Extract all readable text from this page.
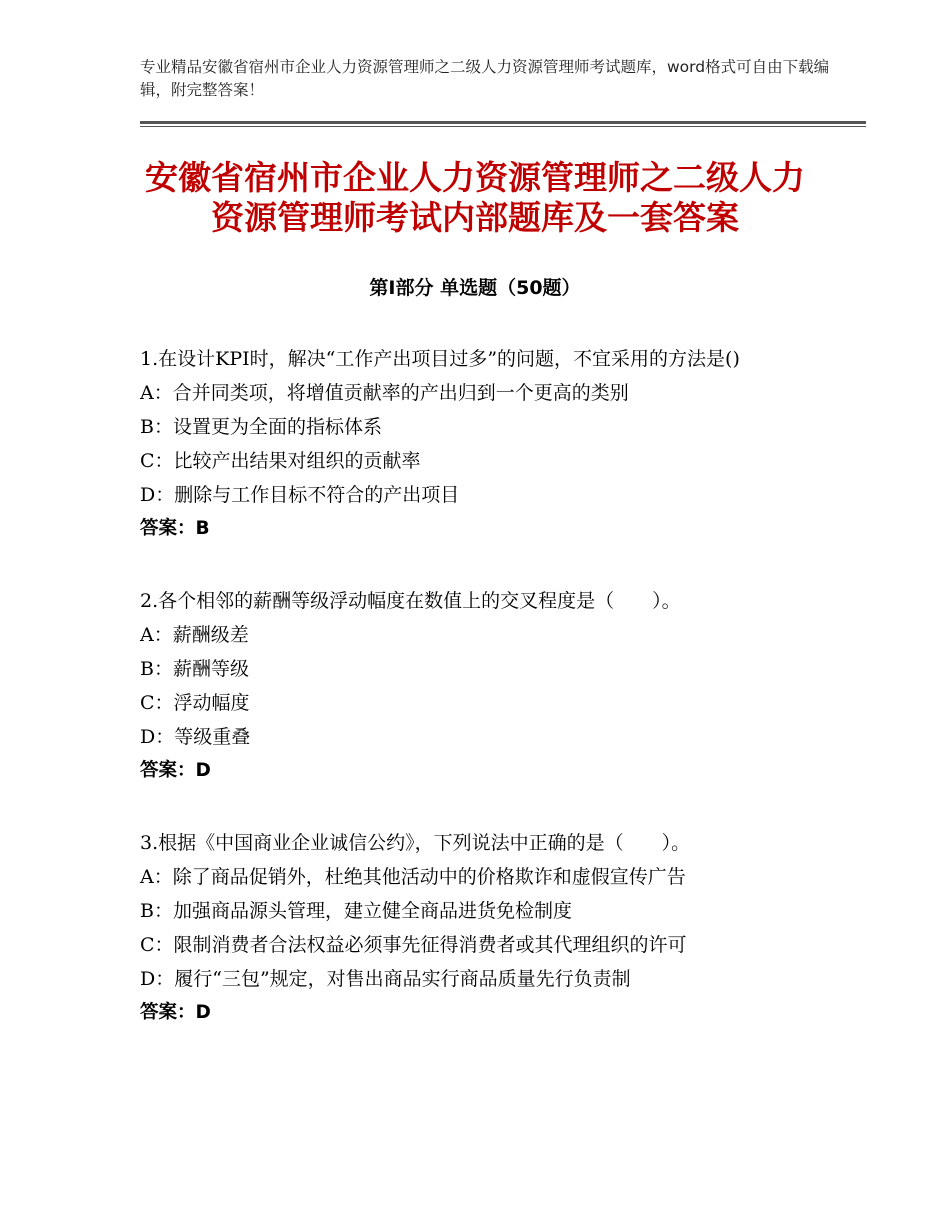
专业精品安徽省宿州市企业人力资源管理师之二级人力资源管理师考试题库，word格式可自由下载编辑，附完整答案！
安徽省宿州市企业人力资源管理师之二级人力资源管理师考试内部题库及一套答案
第Ⅰ部分 单选题（50题）
1.在设计KPI时，解决“工作产出项目过多”的问题，不宜采用的方法是()
A：合并同类项，将增值贡献率的产出归到一个更高的类别
B：设置更为全面的指标体系
C：比较产出结果对组织的贡献率
D：删除与工作目标不符合的产出项目
答案：B
2.各个相邻的薪酬等级浮动幅度在数值上的交叉程度是（　　）。
A：薪酬级差
B：薪酬等级
C：浮动幅度
D：等级重叠
答案：D
3.根据《中国商业企业诚信公约》，下列说法中正确的是（　　）。
A：除了商品促销外，杜绝其他活动中的价格欺诈和虚假宣传广告
B：加强商品源头管理，建立健全商品进货免检制度
C：限制消费者合法权益必须事先征得消费者或其代理组织的许可
D：履行“三包”规定，对售出商品实行商品质量先行负责制
答案：D
